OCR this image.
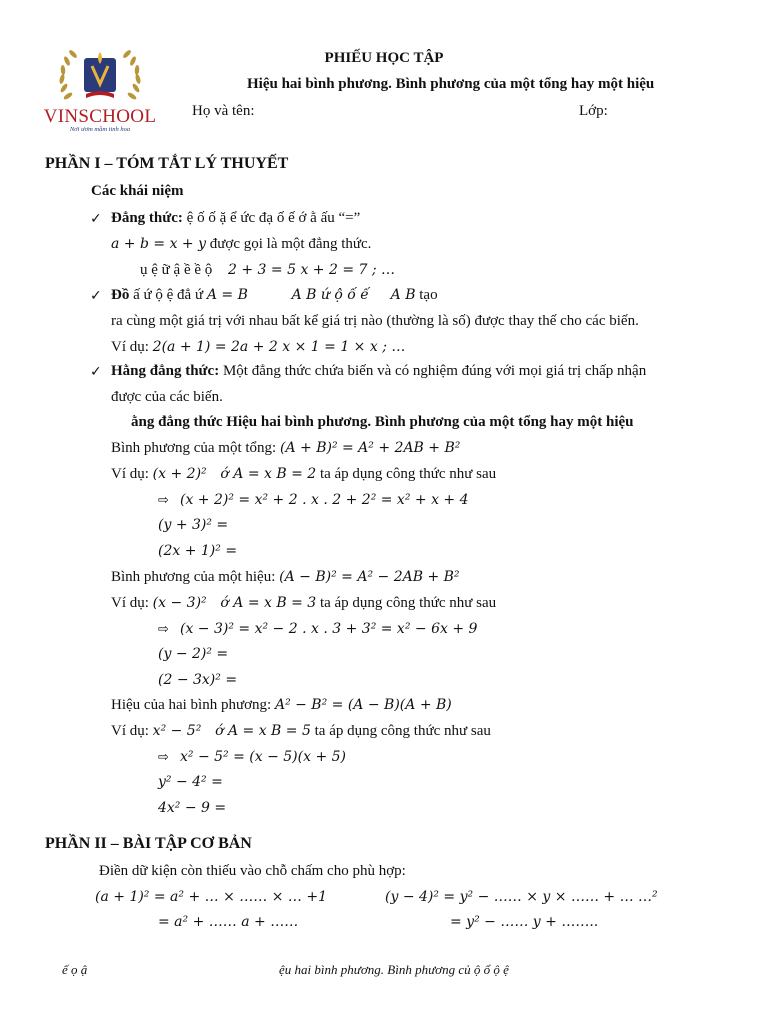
VINSCHOOL
Nơi ươm mầm tinh hoa
PHIẾU HỌC TẬP
Hiệu hai bình phương. Bình phương của một tổng hay một hiệu
Họ và tên:	Lớp:
PHẦN I – TÓM TẮT LÝ THUYẾT
Các khái niệm
✓ Đẳng thức: ệ ố ố ặ ể ức đạ ố ế ớ ằ ấu “=”
a + b = x + y được gọi là một đẳng thức.
ụ ệ ữ ậ ề ề ộ 2 + 3 = 5 x + 2 = 7 ; …
✓ Đồ ấ ứ ộ ệ đẳ ứ A = B	A B ứ ộ ố ế A B tạo
ra cùng một giá trị với nhau bất kể giá trị nào (thường là số) được thay thế cho các biến.
Ví dụ: 2(a + 1) = 2a + 2 x × 1 = 1 × x ; …
✓ Hằng đẳng thức: Một đẳng thức chứa biến và có nghiệm đúng với mọi giá trị chấp nhận
được của các biến.
ằng đẳng thức Hiệu hai bình phương. Bình phương của một tổng hay một hiệu
Bình phương của một tổng: (A + B)² = A² + 2AB + B²
Ví dụ: (x + 2)² ớ A = x B = 2 ta áp dụng công thức như sau
⇨ (x + 2)² = x² + 2 . x . 2 + 2² = x² + x + 4
(y + 3)² =
(2x + 1)² =
Bình phương của một hiệu: (A − B)² = A² − 2AB + B²
Ví dụ: (x − 3)² ớ A = x B = 3 ta áp dụng công thức như sau
⇨ (x − 3)² = x² − 2 . x . 3 + 3² = x² − 6x + 9
(y − 2)² =
(2 − 3x)² =
Hiệu của hai bình phương: A² − B² = (A − B)(A + B)
Ví dụ: x² − 5² ớ A = x B = 5 ta áp dụng công thức như sau
⇨ x² − 5² = (x − 5)(x + 5)
y² − 4² =
4x² − 9 =
PHẦN II – BÀI TẬP CƠ BẢN
Điền dữ kiện còn thiếu vào chỗ chấm cho phù hợp:
(a + 1)² = a² + … × …… × … +1
= a² + …… a + ……
(y − 4)² = y² − …… × y × …… + … …²
= y² − …… y + ……..
ế ọ ậ	ệu hai bình phương. Bình phương củ ộ ổ ộ ệ
